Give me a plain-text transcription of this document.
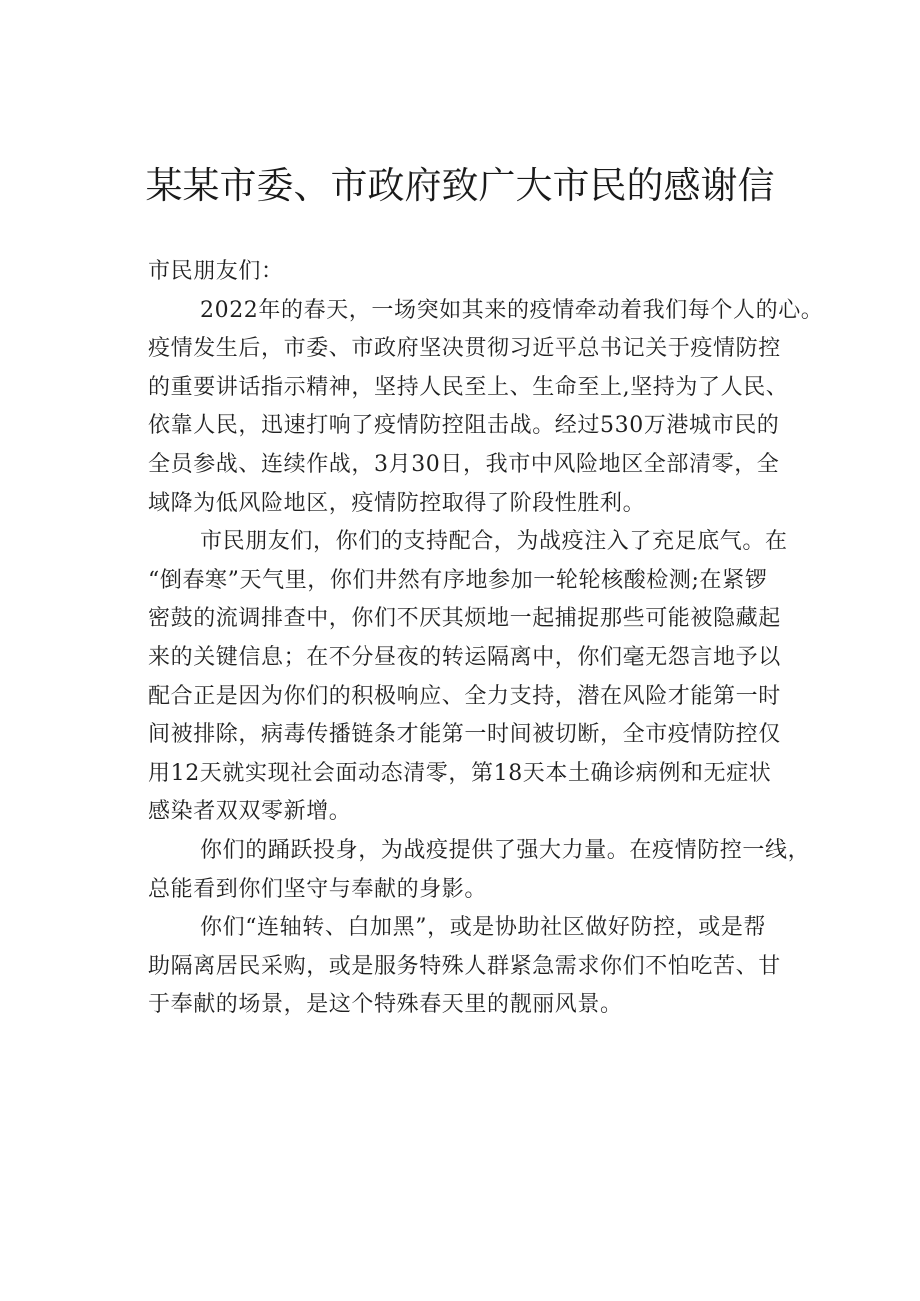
某某市委、市政府致广大市民的感谢信
市民朋友们：
2022年的春天，一场突如其来的疫情牵动着我们每个人的心。
疫情发生后，市委、市政府坚决贯彻习近平总书记关于疫情防控
的重要讲话指示精神，坚持人民至上、生命至上,坚持为了人民、
依靠人民，迅速打响了疫情防控阻击战。经过530万港城市民的
全员参战、连续作战，3月30日，我市中风险地区全部清零，全
域降为低风险地区，疫情防控取得了阶段性胜利。
市民朋友们，你们的支持配合，为战疫注入了充足底气。在
“倒春寒”天气里，你们井然有序地参加一轮轮核酸检测;在紧锣
密鼓的流调排查中，你们不厌其烦地一起捕捉那些可能被隐藏起
来的关键信息；在不分昼夜的转运隔离中，你们毫无怨言地予以
配合正是因为你们的积极响应、全力支持，潜在风险才能第一时
间被排除，病毒传播链条才能第一时间被切断，全市疫情防控仅
用12天就实现社会面动态清零，第18天本土确诊病例和无症状
感染者双双零新增。
你们的踊跃投身，为战疫提供了强大力量。在疫情防控一线，
总能看到你们坚守与奉献的身影。
你们“连轴转、白加黑”，或是协助社区做好防控，或是帮
助隔离居民采购，或是服务特殊人群紧急需求你们不怕吃苦、甘
于奉献的场景，是这个特殊春天里的靓丽风景。
